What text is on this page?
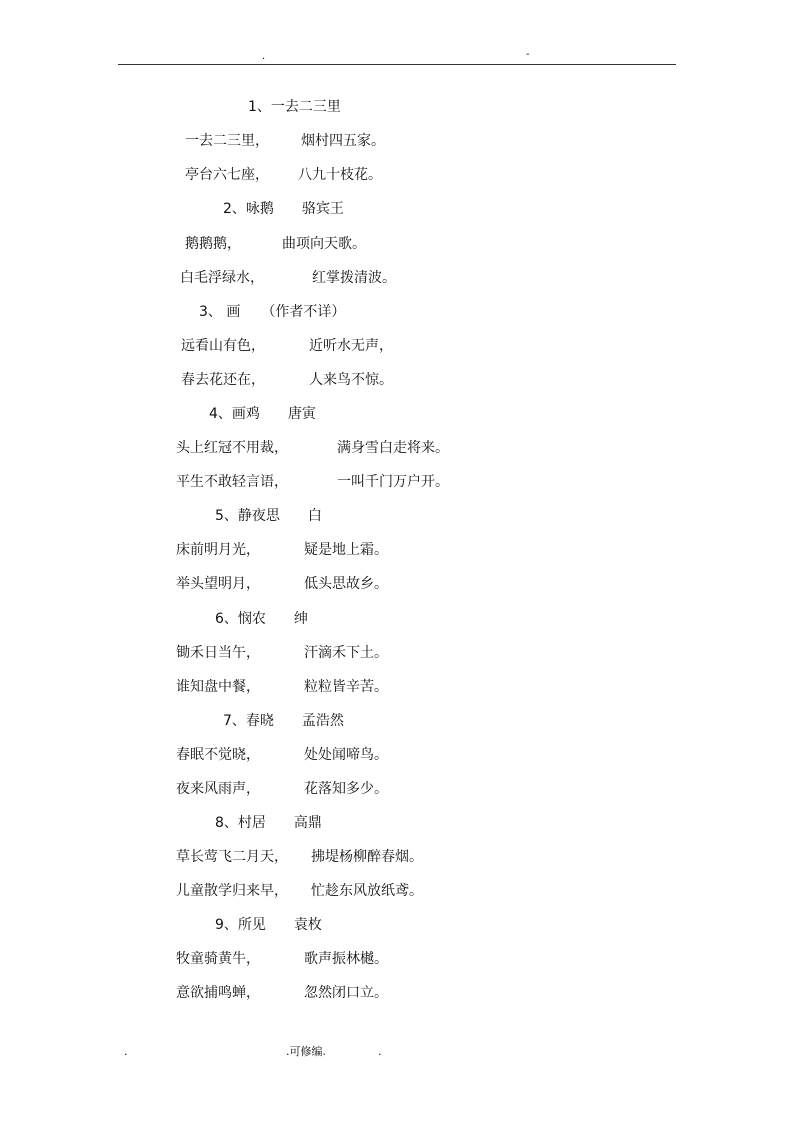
.	-
1、一去二三里
一去二三里， 烟村四五家。
亭台六七座， 八九十枝花。
2、咏鹅　　骆宾王
鹅鹅鹅，	曲项向天歌。
白毛浮绿水，	红掌拨清波。
3、 画　　（作者不详）
远看山有色，	近听水无声，
春去花还在，	人来鸟不惊。
4、画鸡　　唐寅
头上红冠不用裁，	满身雪白走将来。
平生不敢轻言语，	一叫千门万户开。
5、静夜思　　白
床前明月光，	疑是地上霜。
举头望明月，	低头思故乡。
6、悯农　　绅
锄禾日当午，	汗滴禾下土。
谁知盘中餐，	粒粒皆辛苦。
7、春晓　　孟浩然
春眠不觉晓，	处处闻啼鸟。
夜来风雨声，	花落知多少。
8、村居　　高鼎
草长莺飞二月天， 拂堤杨柳醉春烟。
儿童散学归来早， 忙趁东风放纸鸢。
9、所见　　袁枚
牧童骑黄牛，	歌声振林樾。
意欲捕鸣蝉，	忽然闭口立。
.	.可修编.	.
